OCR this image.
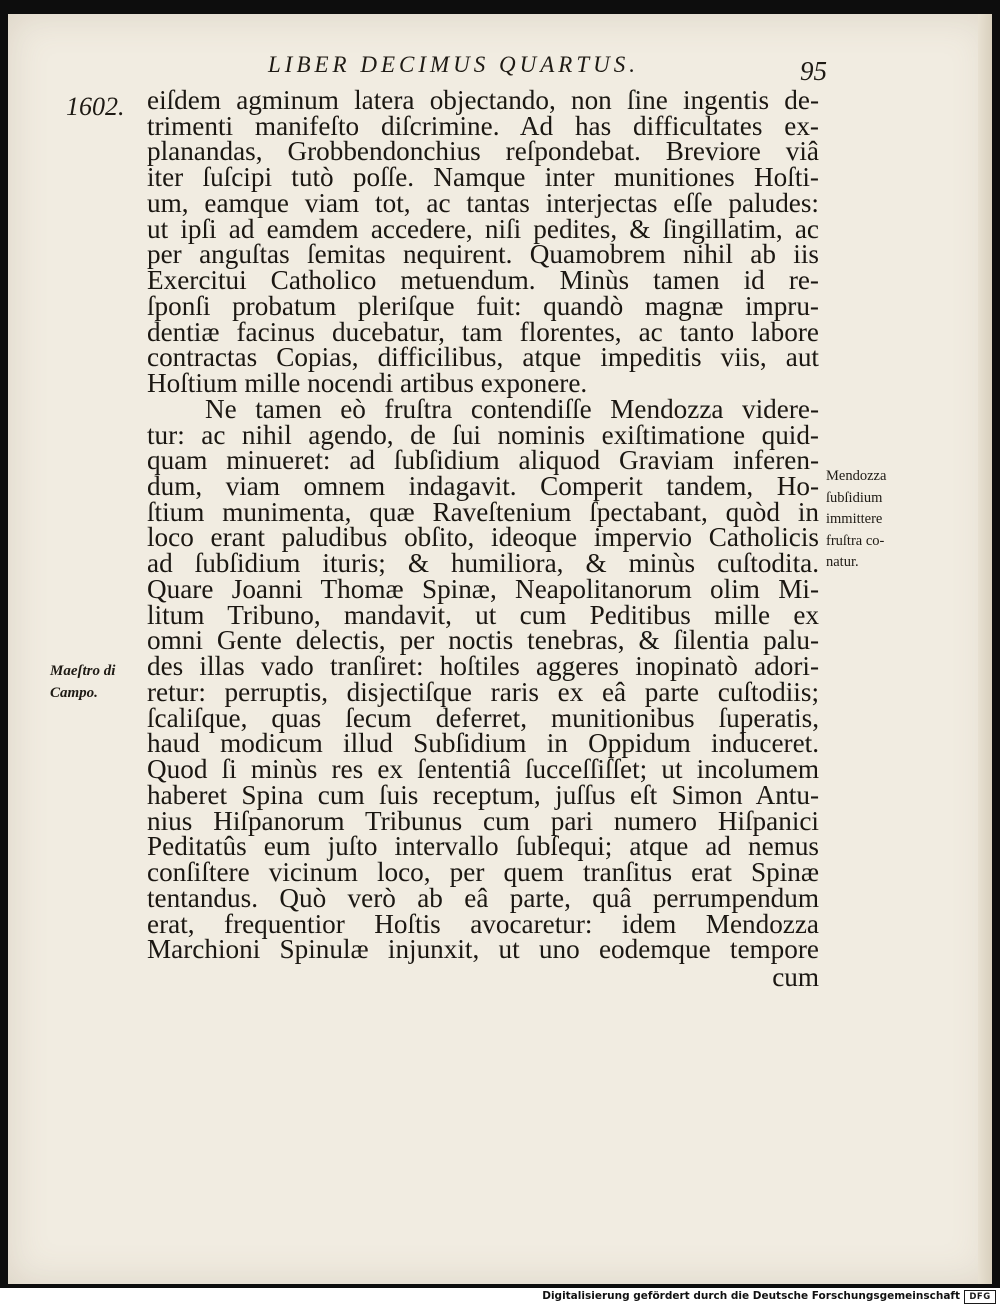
LIBER DECIMUS QUARTUS.	95
1602. eiſdem agminum latera objectando, non ſine ingentis de-
trimenti manifeſto diſcrimine. Ad has difficultates ex-
planandas, Grobbendonchius reſpondebat. Breviore viâ
iter ſuſcipi tutò poſſe. Namque inter munitiones Hoſti-
um, eamque viam tot, ac tantas interjectas eſſe paludes:
ut ipſi ad eamdem accedere, niſi pedites, & ſingillatim, ac
per anguſtas ſemitas nequirent. Quamobrem nihil ab iis
Exercitui Catholico metuendum. Minùs tamen id re-
ſponſi probatum pleriſque fuit: quandò magnæ impru-
dentiæ facinus ducebatur, tam florentes, ac tanto labore
contractas Copias, difficilibus, atque impeditis viis, aut
Hoſtium mille nocendi artibus exponere.
Ne tamen eò fruſtra contendiſſe Mendozza videre-
tur: ac nihil agendo, de ſui nominis exiſtimatione quid-
quam minueret: ad ſubſidium aliquod Graviam inferen-
dum, viam omnem indagavit. Comperit tandem, Ho-
ſtium munimenta, quæ Raveſtenium ſpectabant, quòd in
loco erant paludibus obſito, ideoque impervio Catholicis
ad ſubſidium ituris; & humiliora, & minùs cuſtodita.
Quare Joanni Thomæ Spinæ, Neapolitanorum olim Mi-
litum Tribuno, mandavit, ut cum Peditibus mille ex
omni Gente delectis, per noctis tenebras, & ſilentia palu-
des illas vado tranſiret: hoſtiles aggeres inopinatò adori-
retur: perruptis, disjectiſque raris ex eâ parte cuſtodiis;
ſcaliſque, quas ſecum deferret, munitionibus ſuperatis,
haud modicum illud Subſidium in Oppidum induceret.
Quod ſi minùs res ex ſententiâ ſucceſſiſſet; ut incolumem
haberet Spina cum ſuis receptum, juſſus eſt Simon Antu-
nius Hiſpanorum Tribunus cum pari numero Hiſpanici
Peditatûs eum juſto intervallo ſubſequi; atque ad nemus
conſiſtere vicinum loco, per quem tranſitus erat Spinæ
tentandus. Quò verò ab eâ parte, quâ perrumpendum
erat, frequentior Hoſtis avocaretur: idem Mendozza
Marchioni Spinulæ injunxit, ut uno eodemque tempore
cum
Mendozza
ſubſidium
immittere
fruſtra co-
natur.
Maeſtro di
Campo.
Digitalisierung gefördert durch die Deutsche Forschungsgemeinschaft	DFG
